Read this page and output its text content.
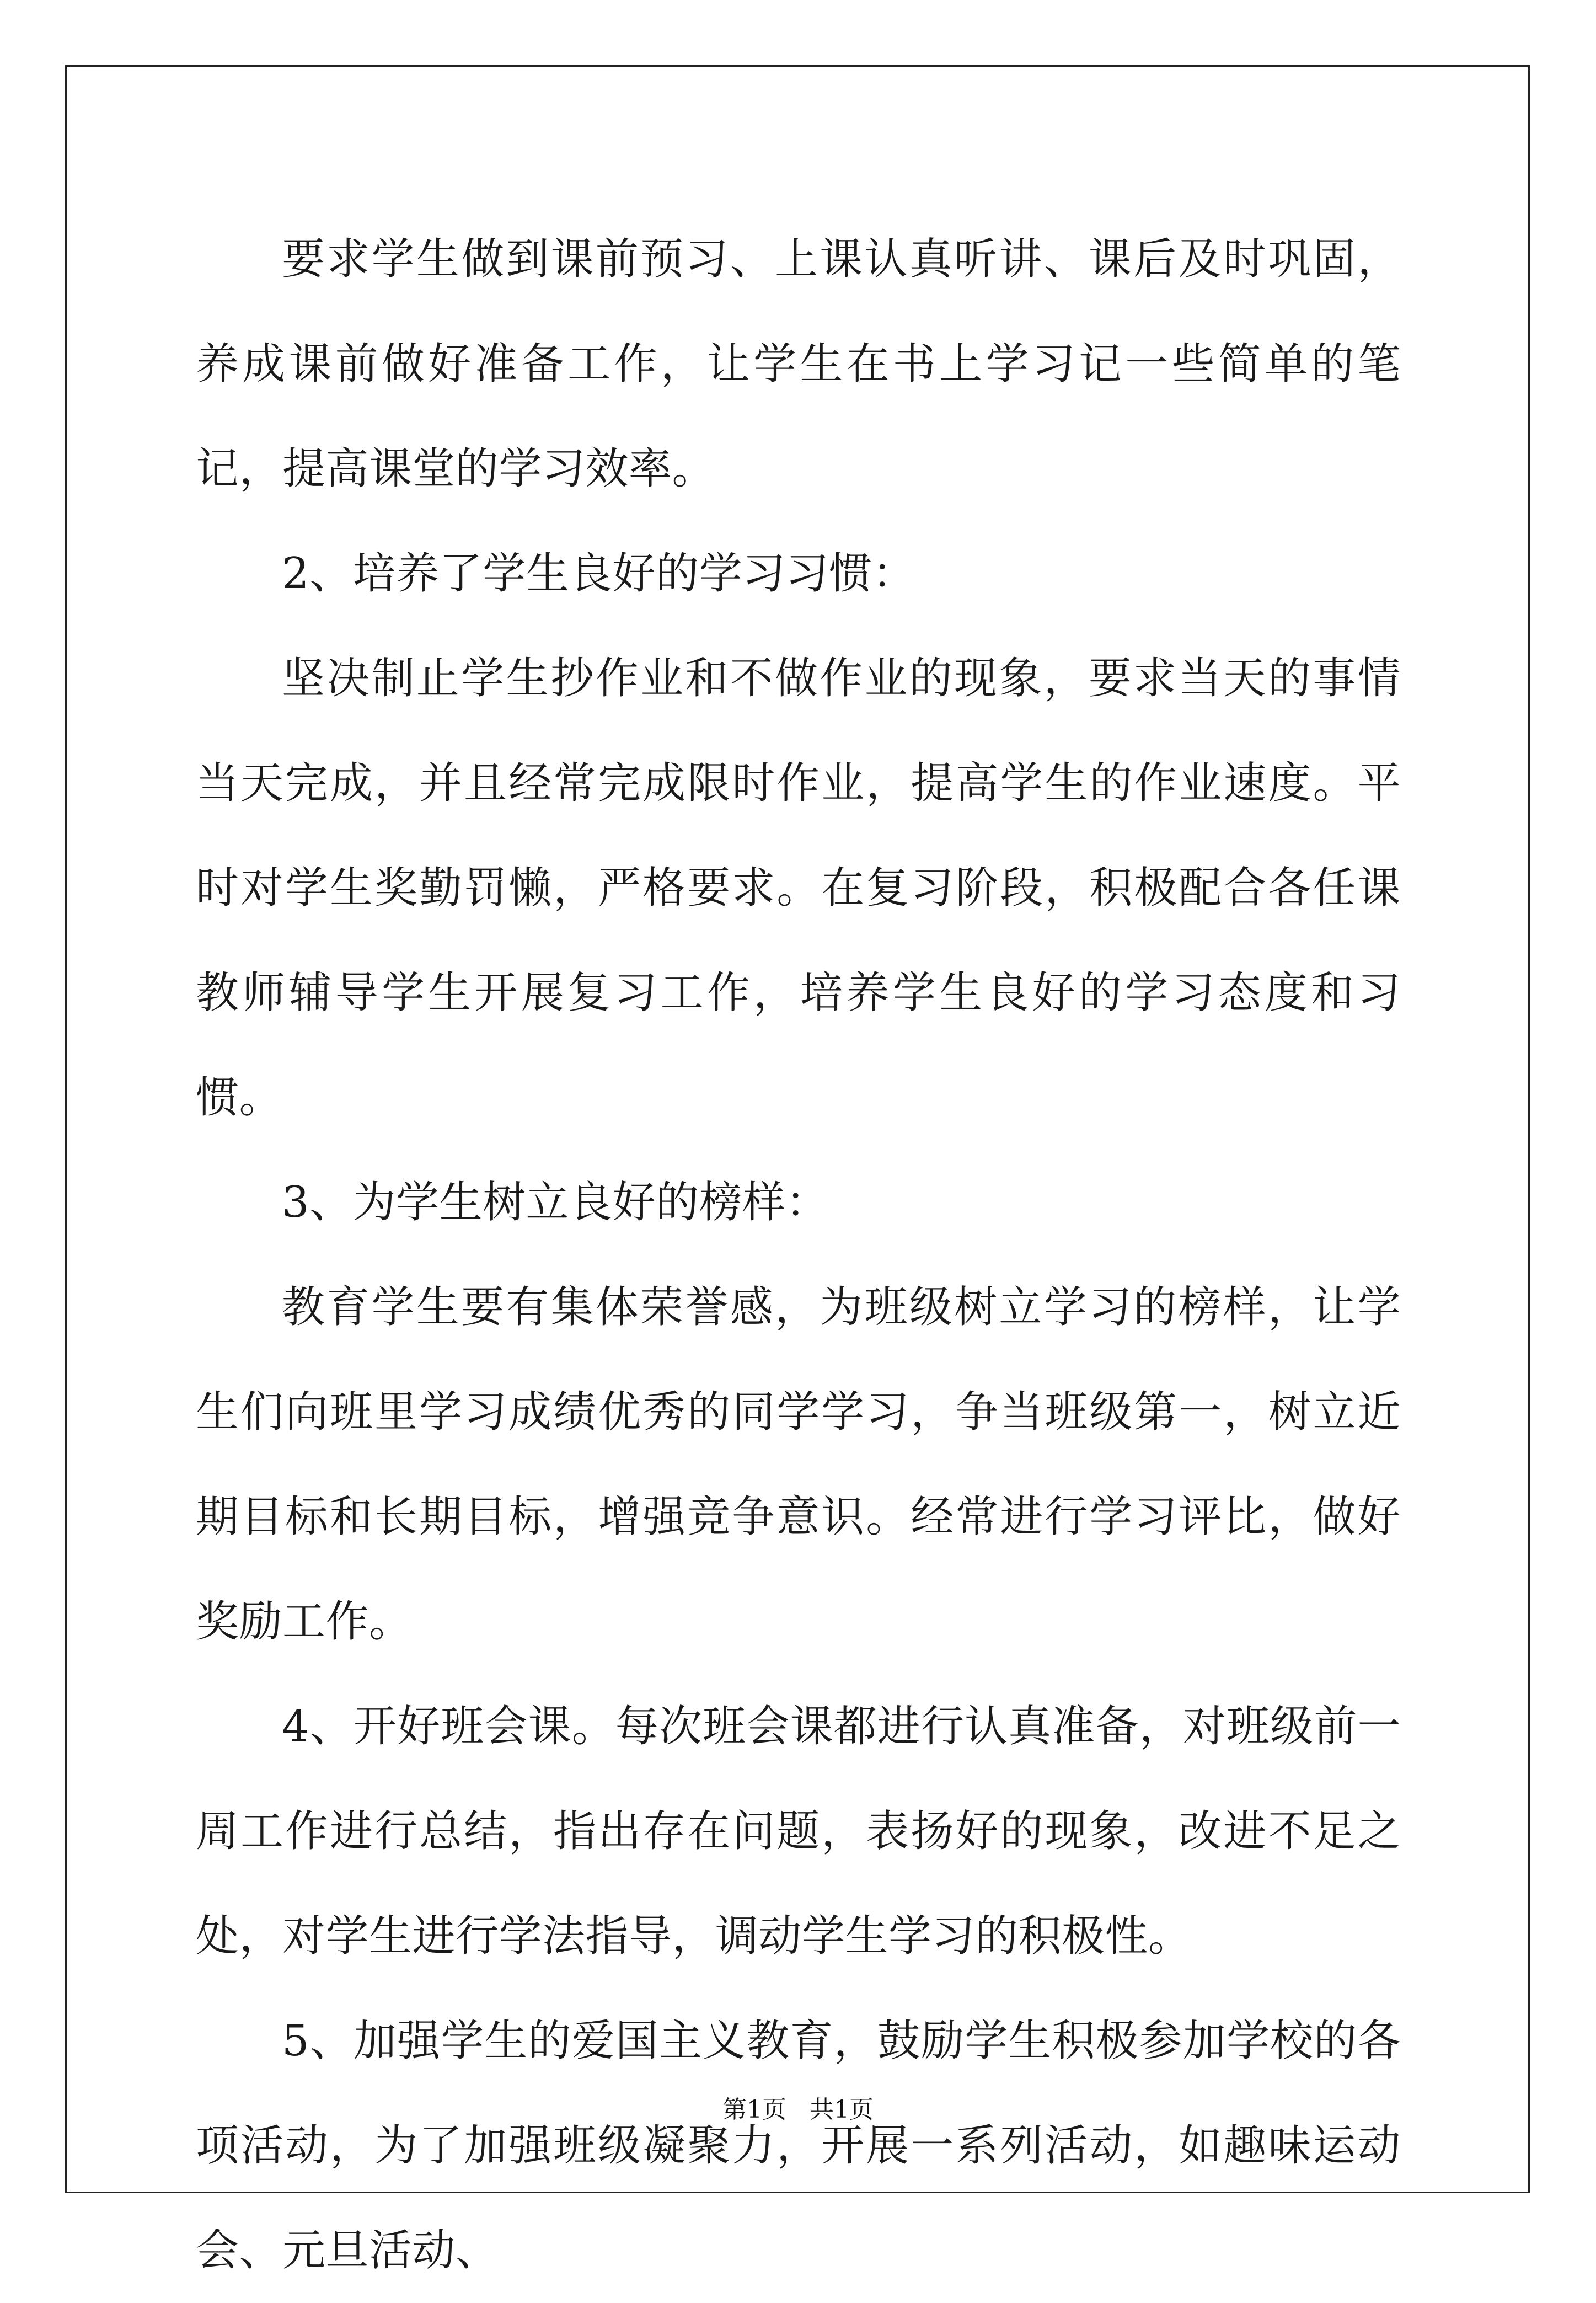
要求学生做到课前预习、上课认真听讲、课后及时巩固，养成课前做好准备工作，让学生在书上学习记一些简单的笔记，提高课堂的学习效率。

2、培养了学生良好的学习习惯：

坚决制止学生抄作业和不做作业的现象，要求当天的事情当天完成，并且经常完成限时作业，提高学生的作业速度。平时对学生奖勤罚懒，严格要求。在复习阶段，积极配合各任课教师辅导学生开展复习工作，培养学生良好的学习态度和习惯。

3、为学生树立良好的榜样：

教育学生要有集体荣誉感，为班级树立学习的榜样，让学生们向班里学习成绩优秀的同学学习，争当班级第一，树立近期目标和长期目标，增强竞争意识。经常进行学习评比，做好奖励工作。

4、开好班会课。每次班会课都进行认真准备，对班级前一周工作进行总结，指出存在问题，表扬好的现象，改进不足之处，对学生进行学法指导，调动学生学习的积极性。

5、加强学生的爱国主义教育，鼓励学生积极参加学校的各项活动，为了加强班级凝聚力，开展一系列活动，如趣味运动会、元旦活动、

第1页 共1页
